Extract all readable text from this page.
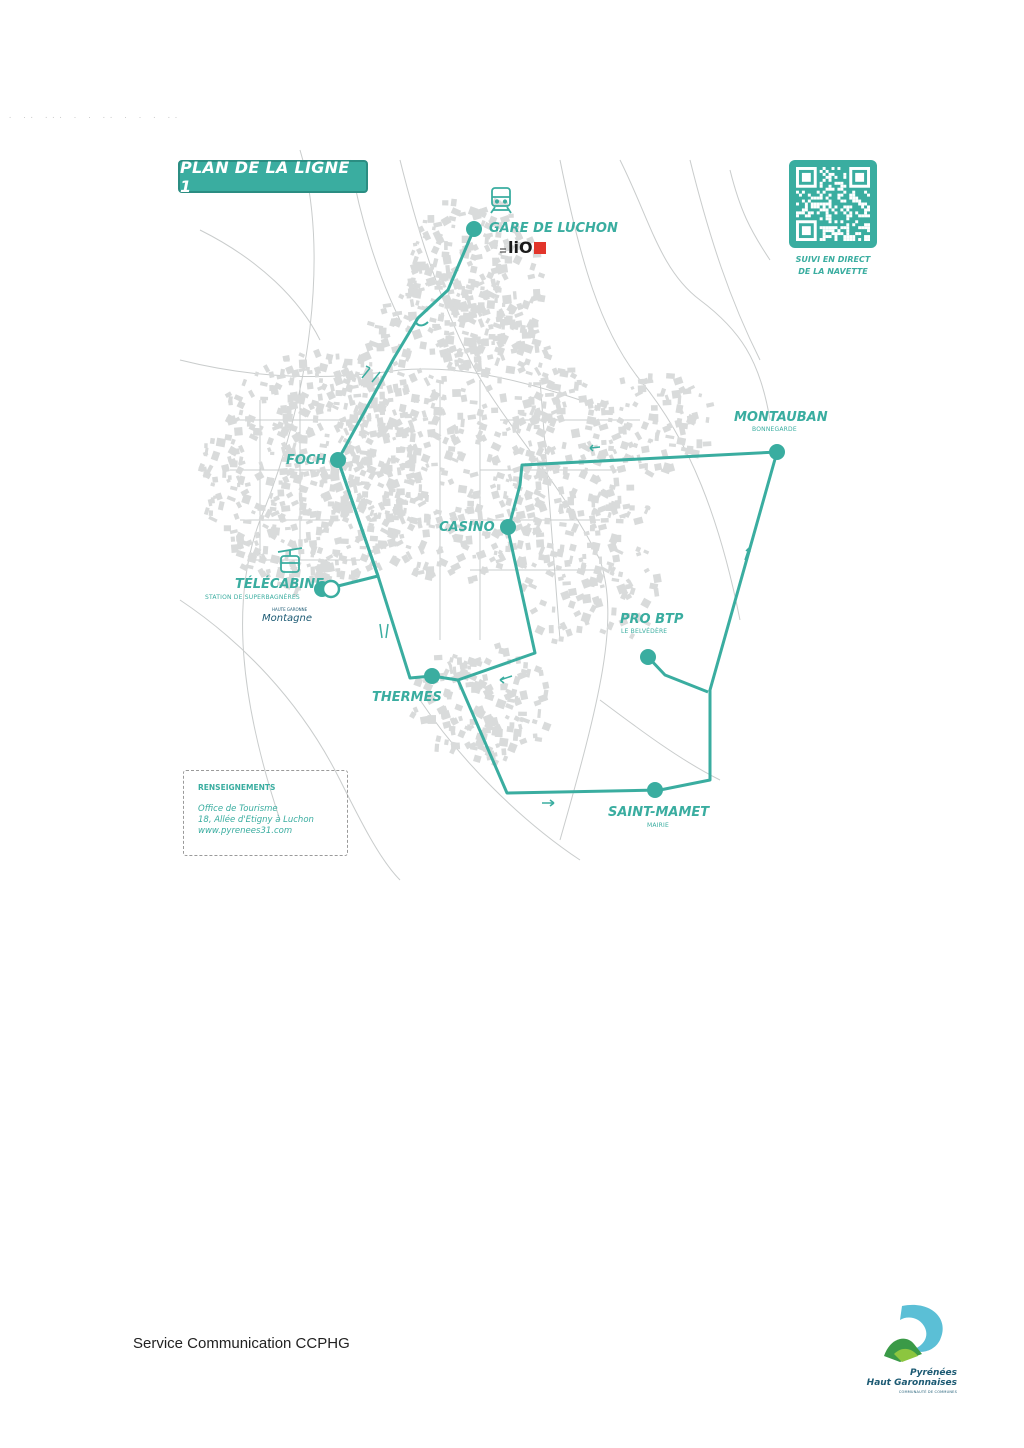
. .. ... . . .. . . . ..
liO
HAUTE GARONNE
Montagne
PLAN DE LA LIGNE 1
SUIVI EN DIRECT
DE LA NAVETTE
GARE DE LUCHON
FOCH
CASINO
TÉLÉCABINE
STATION DE SUPERBAGNÈRES
THERMES
MONTAUBAN
BONNEGARDE
PRO BTP
LE BELVÉDÈRE
SAINT-MAMET
MAIRIE
RENSEIGNEMENTS
Office de Tourisme
18, Allée d'Etigny à Luchon
www.pyrenees31.com
Service Communication CCPHG
Pyrénées
Haut Garonnaises
COMMUNAUTÉ DE COMMUNES
